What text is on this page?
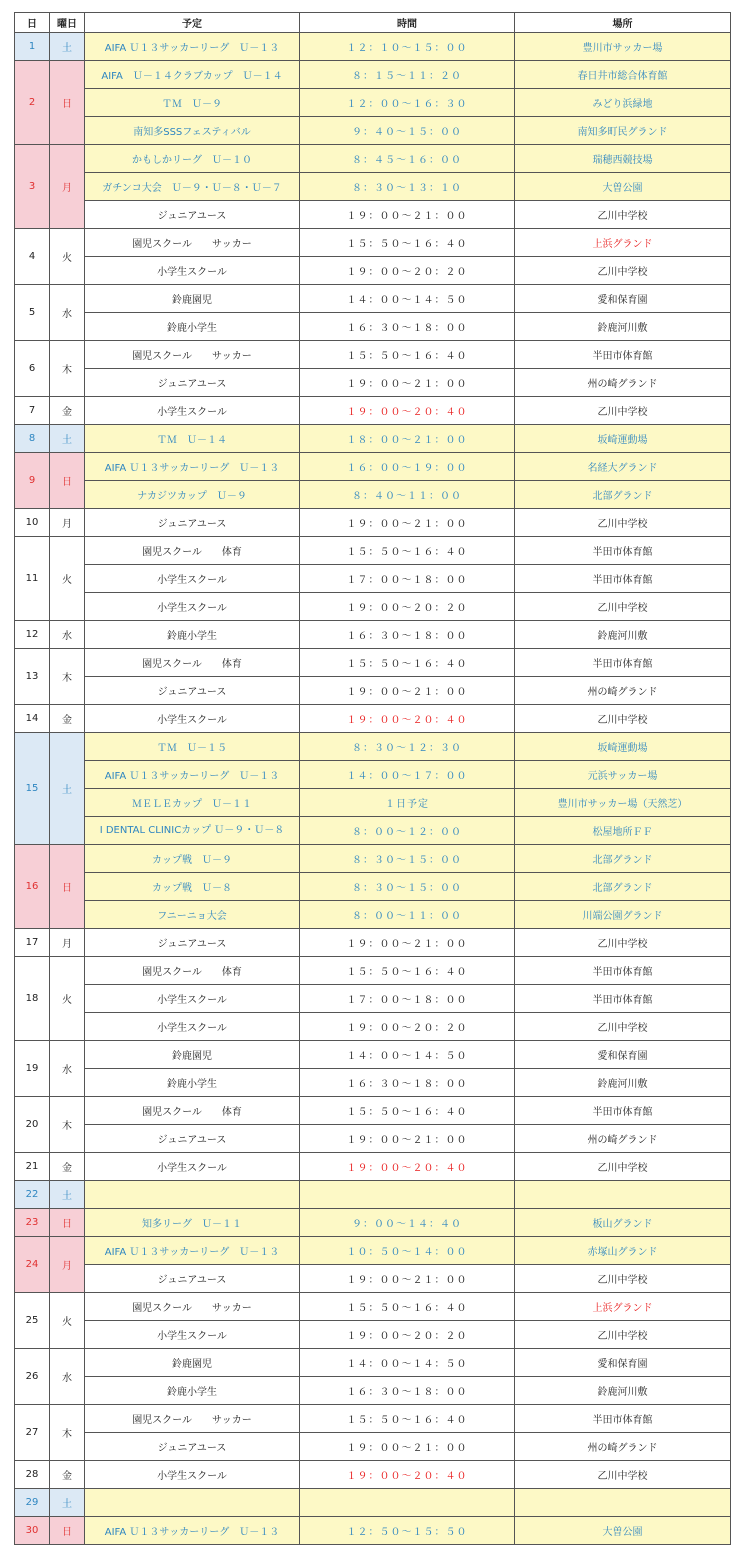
日	曜日	予定	時間	場所
1	土	AIFA Ｕ１３サッカーリーグ　Ｕ－１３	１２：１０～１５：００	豊川市サッカー場
2	日	AIFA　Ｕ－１４クラブカップ　Ｕ－１４	８：１５～１１：２０	春日井市総合体育館
		ＴＭ　Ｕ－９	１２：００～１６：３０	みどり浜緑地
		南知多SSSフェスティバル	９：４０～１５：００	南知多町民グランド
3	月	かもしかリーグ　Ｕ－１０	８：４５～１６：００	瑞穂西競技場
		ガチンコ大会　Ｕ－９・Ｕ－８・Ｕ－７	８：３０～１３：１０	大曽公園
		ジュニアユース	１９：００～２１：００	乙川中学校
4	火	園児スクール　　サッカー	１５：５０～１６：４０	上浜グランド
		小学生スクール	１９：００～２０：２０	乙川中学校
5	水	鈴鹿園児	１４：００～１４：５０	愛和保育園
		鈴鹿小学生	１６：３０～１８：００	鈴鹿河川敷
6	木	園児スクール　　サッカー	１５：５０～１６：４０	半田市体育館
		ジュニアユース	１９：００～２１：００	州の崎グランド
7	金	小学生スクール	１９：００～２０：４０	乙川中学校
8	土	ＴＭ　Ｕ－１４	１８：００～２１：００	坂崎運動場
9	日	AIFA Ｕ１３サッカーリーグ　Ｕ－１３	１６：００～１９：００	名経大グランド
		ナカジツカップ　Ｕ－９	８：４０～１１：００	北部グランド
10	月	ジュニアユース	１９：００～２１：００	乙川中学校
11	火	園児スクール　　体育	１５：５０～１６：４０	半田市体育館
		小学生スクール	１７：００～１８：００	半田市体育館
		小学生スクール	１９：００～２０：２０	乙川中学校
12	水	鈴鹿小学生	１６：３０～１８：００	鈴鹿河川敷
13	木	園児スクール　　体育	１５：５０～１６：４０	半田市体育館
		ジュニアユース	１９：００～２１：００	州の崎グランド
14	金	小学生スクール	１９：００～２０：４０	乙川中学校
15	土	ＴＭ　Ｕ－１５	８：３０～１２：３０	坂崎運動場
		AIFA Ｕ１３サッカーリーグ　Ｕ－１３	１４：００～１７：００	元浜サッカー場
		ＭＥＬＥカップ　Ｕ－１１	１日予定	豊川市サッカー場（天然芝）
		I DENTAL CLINICカップ Ｕ－９・Ｕ－８	８：００～１２：００	松屋地所ＦＦ
16	日	カップ戦　Ｕ－９	８：３０～１５：００	北部グランド
		カップ戦　Ｕ－８	８：３０～１５：００	北部グランド
		フニーニョ大会	８：００～１１：００	川端公園グランド
17	月	ジュニアユース	１９：００～２１：００	乙川中学校
18	火	園児スクール　　体育	１５：５０～１６：４０	半田市体育館
		小学生スクール	１７：００～１８：００	半田市体育館
		小学生スクール	１９：００～２０：２０	乙川中学校
19	水	鈴鹿園児	１４：００～１４：５０	愛和保育園
		鈴鹿小学生	１６：３０～１８：００	鈴鹿河川敷
20	木	園児スクール　　体育	１５：５０～１６：４０	半田市体育館
		ジュニアユース	１９：００～２１：００	州の崎グランド
21	金	小学生スクール	１９：００～２０：４０	乙川中学校
22	土			
23	日	知多リーグ　Ｕ－１１	９：００～１４：４０	板山グランド
24	月	AIFA Ｕ１３サッカーリーグ　Ｕ－１３	１０：５０～１４：００	赤塚山グランド
		ジュニアユース	１９：００～２１：００	乙川中学校
25	火	園児スクール　　サッカー	１５：５０～１６：４０	上浜グランド
		小学生スクール	１９：００～２０：２０	乙川中学校
26	水	鈴鹿園児	１４：００～１４：５０	愛和保育園
		鈴鹿小学生	１６：３０～１８：００	鈴鹿河川敷
27	木	園児スクール　　サッカー	１５：５０～１６：４０	半田市体育館
		ジュニアユース	１９：００～２１：００	州の崎グランド
28	金	小学生スクール	１９：００～２０：４０	乙川中学校
29	土			
30	日	AIFA Ｕ１３サッカーリーグ　Ｕ－１３	１２：５０～１５：５０	大曽公園
